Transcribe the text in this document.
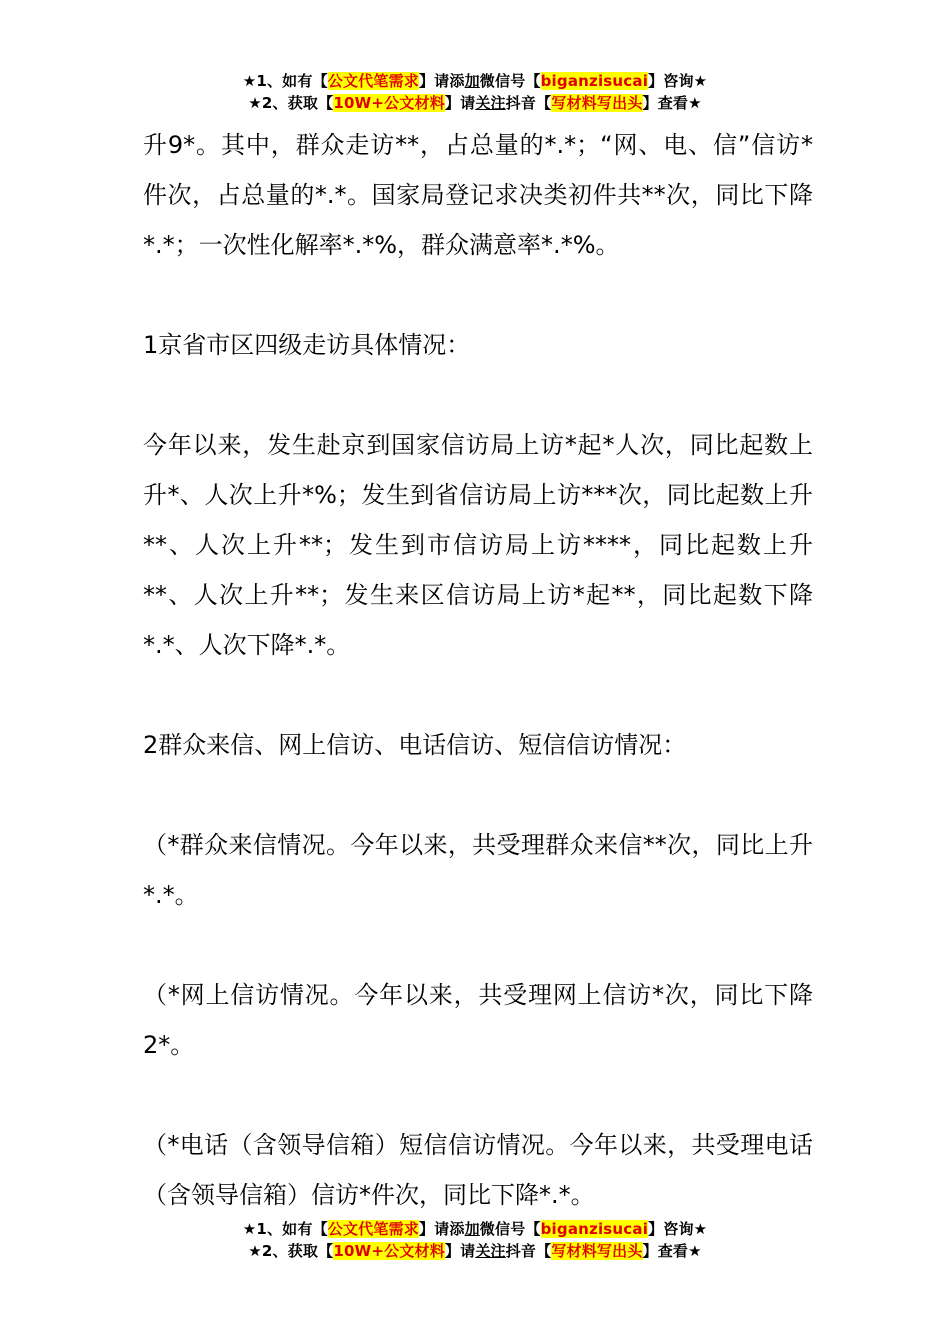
★1、如有【公文代笔需求】请添加微信号【biganzisucai】咨询★
★2、获取【10W+公文材料】请关注抖音【写材料写出头】查看★

升9*。其中，群众走访**，占总量的*.*；“网、电、信”信访*件次，占总量的*.*。国家局登记求决类初件共**次，同比下降*.*；一次性化解率*.*%，群众满意率*.*%。

1京省市区四级走访具体情况：

今年以来，发生赴京到国家信访局上访*起*人次，同比起数上升*、人次上升*%；发生到省信访局上访***次，同比起数上升**、人次上升**；发生到市信访局上访****，同比起数上升**、人次上升**；发生来区信访局上访*起**，同比起数下降*.*、人次下降*.*。

2群众来信、网上信访、电话信访、短信信访情况：

（*群众来信情况。今年以来，共受理群众来信**次，同比上升*.*。

（*网上信访情况。今年以来，共受理网上信访*次，同比下降2*。

（*电话（含领导信箱）短信信访情况。今年以来，共受理电话（含领导信箱）信访*件次，同比下降*.*。

★1、如有【公文代笔需求】请添加微信号【biganzisucai】咨询★
★2、获取【10W+公文材料】请关注抖音【写材料写出头】查看★
